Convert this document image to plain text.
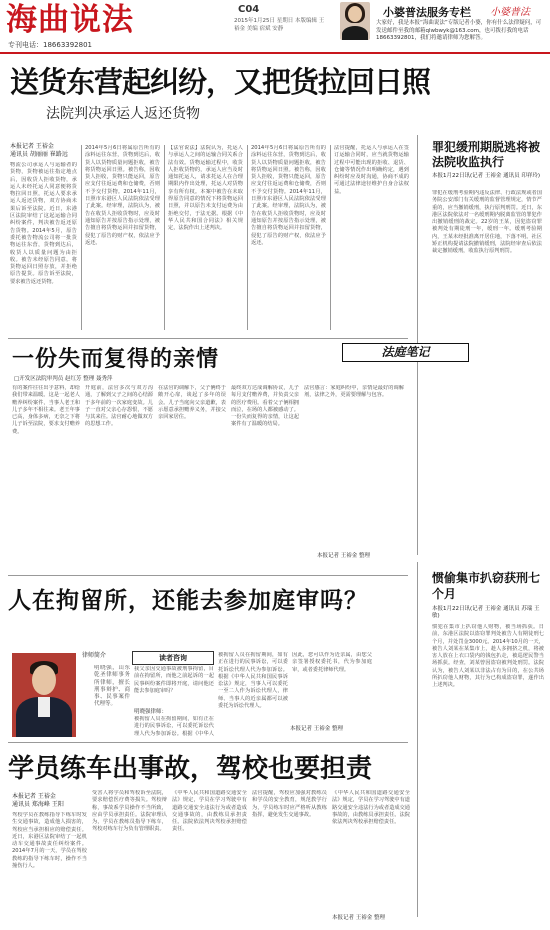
海曲说法
专刊电话：18663392801
C04
2015年1月25日 星期日 本版编辑 王裕金 美编 宿斌 安静
小婆普法服务专栏 小婆普法
大家好，我是本报“海曲说法”专版记者小婆，你有什么法律疑问，可发送邮件至我的邮箱qlwbwyk@163.com，也可拨打我的电话18663392801，我们将邀请律师为您解答。
送货东营起纠纷，又把货拉回日照
法院判决承运人返还货物
本报记者 王裕金
通讯员 胡丽丽 崔路远
物流公司承运人与运输者的货物，货物被运往指定地点后，因收货人拒收货物，承运人未经托运人同意便将货物拉回日照，托运人要求承运人返还货物，双方协商未果后诉至法院。近日，东港区法院审结了这起运输合同纠纷案件，判决被告返还原告货物。2014年5月，原告委托被告物流公司将一批货物运往东营，货物到达后，收货人以质量问题为由拒收。被告未经原告同意，将货物运回日照存放，并拒绝原告提货。原告诉至法院，要求被告返还货物。
2014年5月6日将属原告所有的涂料运往东营，货物到达后，收货人以货物质量问题拒收，被告将货物运回日照。被告称，因收货人拒收，货物只能运回，原告应支付往返运费和仓储费，否则不予交付货物。2014年11月，日照市东港区人民法院依法受理了此案。经审理，法院认为，被告在收货人拒收货物时，应及时通知原告并按原告指示处理，被告擅自将货物运回并扣留货物，侵犯了原告的财产权，依法应予返还。
【法官说法】法院认为，托运人与承运人之间的运输合同关系合法有效。货物运输过程中，收货人拒收货物的，承运人应当及时通知托运人，请求托运人在合理期限内作出处理，托运人对货物享有所有权。本案中被告在未取得原告同意的情况下将货物运回日照，并以原告未支付运费为由拒绝交付，于法无据。根据《中华人民共和国合同法》相关规定，法院作出上述判决。
2014年5月6日将属原告所有的涂料运往东营，货物到达后，收货人以货物质量问题拒收，被告将货物运回日照。被告称，因收货人拒收，货物只能运回，原告应支付往返运费和仓储费，否则不予交付货物。2014年11月，日照市东港区人民法院依法受理了此案。经审理，法院认为，被告在收货人拒收货物时，应及时通知原告并按原告指示处理，被告擅自将货物运回并扣留货物，侵犯了原告的财产权，依法应予返还。
法官提醒，托运人与承运人在签订运输合同时，应当就货物运输过程中可能出现的拒收、退货、仓储等情况作出明确约定，遇到纠纷时应及时沟通，协商不成的可通过法律途径维护自身合法权益。
罪犯缓刑期脱逃将被法院收监执行
本报1月22日讯(记者 王裕金 通讯员 印祥玲)
罪犯在缓刑考验期内违反法律、行政法规或者国务院公安部门有关缓刑的监督管理规定，情节严重的，应当撤销缓刑，执行原判刑罚。近日，东港区法院依法对一名缓刑期内脱离监管的罪犯作出撤销缓刑的裁定。22岁的王某，因犯盗窃罪被判处有期徒刑一年，缓刑一年。缓刑考验期内，王某未经批准离开居住地，下落不明。社区矫正机构提请法院撤销缓刑，法院经审查后依法裁定撤销缓刑，收监执行原判刑罚。
一份失而复得的亲情	法庭笔记
□开发区法院审判员 赵红芳 整理 聂秀萍
有的案件往往出乎意料，却给我们带来温暖。这是一起老人赡养纠纷案件，当事人老王和儿子多年不相往来。老王年事已高，身体多病，无奈之下将儿子诉至法院，要求支付赡养费。
开庭前，法官多次与双方沟通，了解到父子之间的心结源于多年前的一次家庭变故。儿子一直对父亲心存怨恨，不愿与其来往。法官耐心地做双方的思想工作。
在法官的调解下，父子俩终于敞开心扉，谈起了多年的误会。儿子当庭向父亲道歉，表示愿意承担赡养义务，并接父亲回家居住。
最终双方达成调解协议，儿子每月支付赡养费，并负责父亲的医疗费用。看着父子俩相拥而泣，在场的人都被感动了。一份失而复得的亲情，让这起案件有了温暖的结局。
法官感言：家庭纠纷中，亲情是最好的调解剂，法律之外，更需要理解与包容。
本报记者 王裕金 整理
惯偷集市扒窃获刑七个月
本报1月22日讯(记者 王裕金 通讯员 苏瑞 王敏)
惯犯在集市上扒窃他人财物，被当场抓获。日前，东港区法院以盗窃罪判处被告人有期徒刑七个月，并处罚金3000元。2014年10月的一天，被告人刘某在某集市上，趁人多拥挤之机，将被害人放在上衣口袋内的钱包扒走，被巡逻民警当场抓获。经查，刘某曾因盗窃被判处刑罚。法院认为，被告人刘某以非法占有为目的，在公共场所扒窃他人财物，其行为已构成盗窃罪，遂作出上述判决。
人在拘留所，还能去参加庭审吗？
律师简介
明晓强，山东乾圣律师事务所律师，擅长刑事辩护、商事、民事案件代理等。
读者咨询
我父亲因交通事故被刑事拘留，目前在拘留所，而他之前起诉的一起民事纠纷案件即将开庭，请问他还能去参加庭审吗？
明晓强律师：
被拘留人员在拘留期间，如有正在进行的民事诉讼，可以委托诉讼代理人代为参加诉讼。根据《中华人
被拘留人员在拘留期间，如有正在进行的民事诉讼，可以委托诉讼代理人代为参加诉讼。根据《中华人民共和国民事诉讼法》规定，当事人可以委托一至二人作为诉讼代理人，律师、当事人的近亲属都可以被委托为诉讼代理人。
因此，您可以作为近亲属，由您父亲签署授权委托书，代为参加庭审，或者委托律师代理。
本报记者 王裕金 整理
学员练车出事故，驾校也要担责
本报记者 王裕金
通讯员 郑海峰 王阳
驾校学员在教练指导下练车时发生交通事故，造成他人损害的，驾校应当承担相应的赔偿责任。近日，东港区法院审结了一起机动车交通事故责任纠纷案件。2014年7月的一天，学员在驾校教练的指导下练车时，操作不当撞伤行人。
受害人将学员和驾校诉至法院，要求赔偿医疗费等损失。驾校辩称，事故系学员操作不当所致，应由学员承担责任。法院审理认为，学员在教练员指导下练车，驾校对练车行为负有管理职责。
《中华人民共和国道路交通安全法》规定，学员在学习驾驶中有道路交通安全违法行为或者造成交通事故的，由教练员承担责任。法院依法判决驾校承担赔偿责任。
法官提醒，驾校应加强对教练员和学员的安全教育，规范教学行为，学员练车时应严格听从教练指挥，避免发生交通事故。
《中华人民共和国道路交通安全法》规定，学员在学习驾驶中有道路交通安全违法行为或者造成交通事故的，由教练员承担责任。法院依法判决驾校承担赔偿责任。
本报记者 王裕金 整理
